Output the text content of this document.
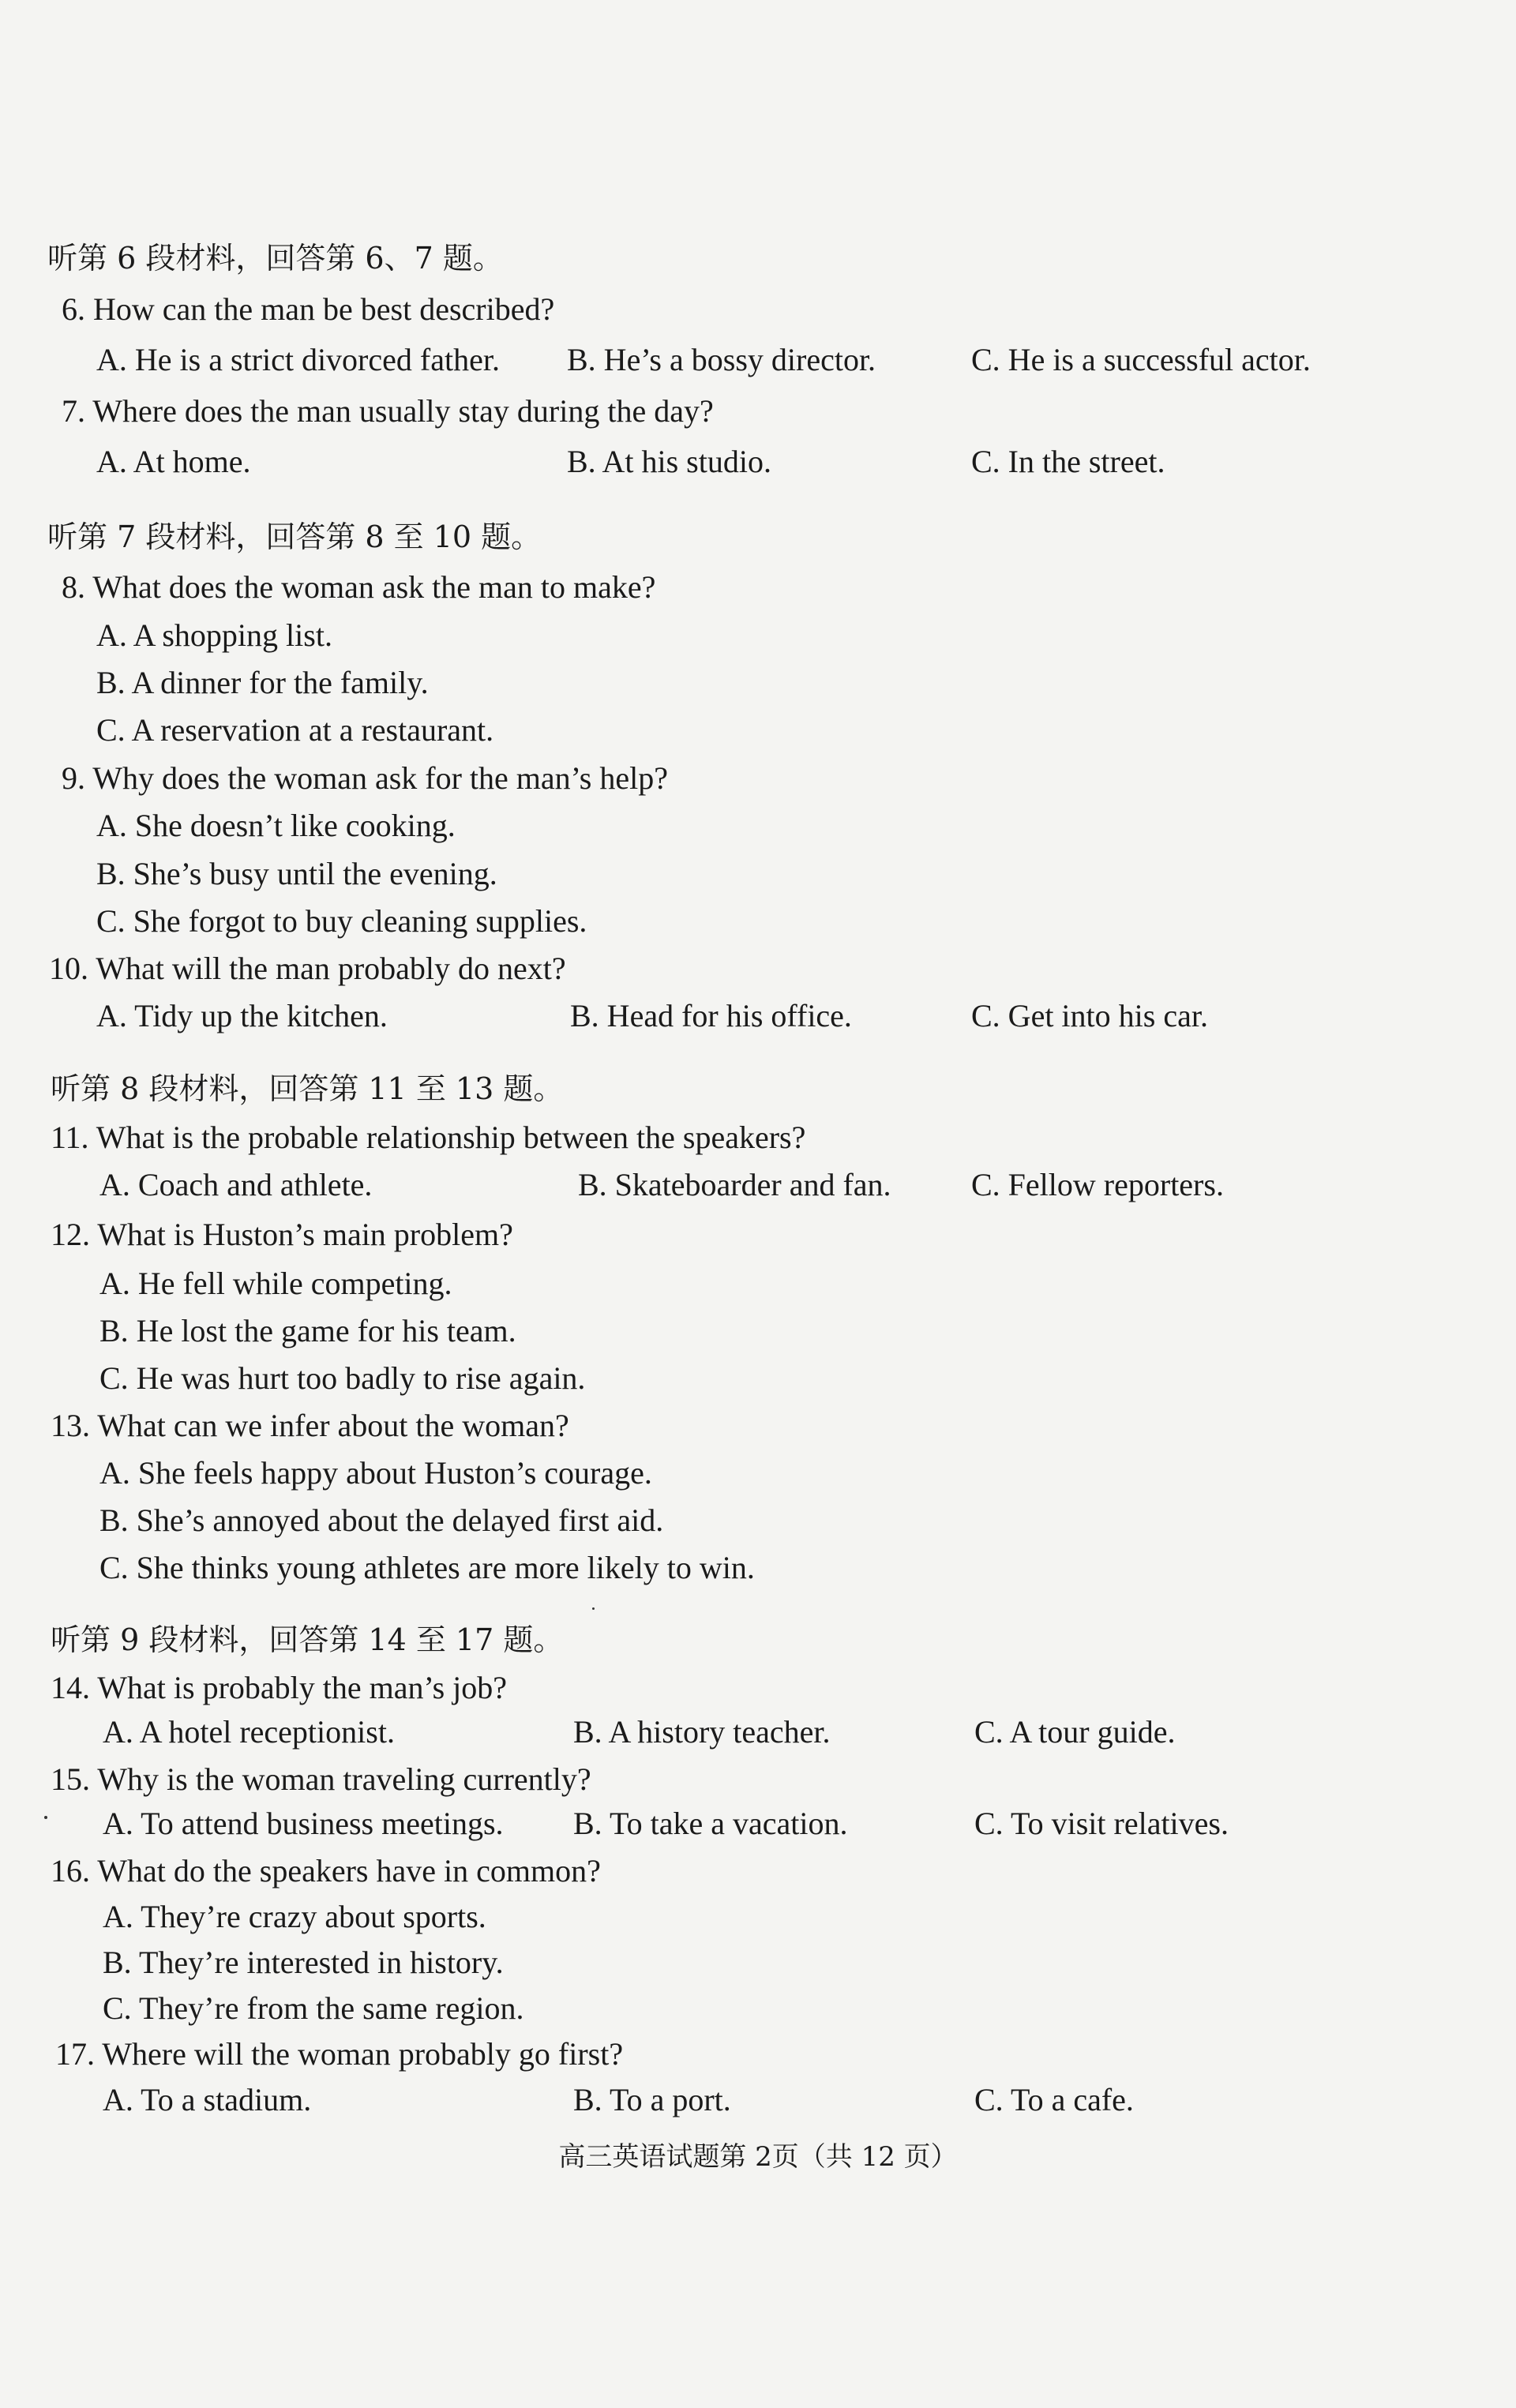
听第 6 段材料，回答第 6、7 题。
6. How can the man be best described?
A. He is a strict divorced father. B. He’s a bossy director.	C. He is a successful actor.
7. Where does the man usually stay during the day?
A. At home.	B. At his studio.	C. In the street.
听第 7 段材料，回答第 8 至 10 题。
8. What does the woman ask the man to make?
A. A shopping list.
B. A dinner for the family.
C. A reservation at a restaurant.
9. Why does the woman ask for the man’s help?
A. She doesn’t like cooking.
B. She’s busy until the evening.
C. She forgot to buy cleaning supplies.
10. What will the man probably do next?
A. Tidy up the kitchen.	B. Head for his office.	C. Get into his car.
听第 8 段材料，回答第 11 至 13 题。
11. What is the probable relationship between the speakers?
A. Coach and athlete.	B. Skateboarder and fan.	C. Fellow reporters.
12. What is Huston’s main problem?
A. He fell while competing.
B. He lost the game for his team.
C. He was hurt too badly to rise again.
13. What can we infer about the woman?
A. She feels happy about Huston’s courage.
B. She’s annoyed about the delayed first aid.
C. She thinks young athletes are more likely to win.
听第 9 段材料，回答第 14 至 17 题。
14. What is probably the man’s job?
A. A hotel receptionist.	B. A history teacher.	C. A tour guide.
15. Why is the woman traveling currently?
A. To attend business meetings. B. To take a vacation.	C. To visit relatives.
16. What do the speakers have in common?
A. They’re crazy about sports.
B. They’re interested in history.
C. They’re from the same region.
17. Where will the woman probably go first?
A. To a stadium.	B. To a port.	C. To a cafe.
高三英语试题第 2页（共 12 页）
